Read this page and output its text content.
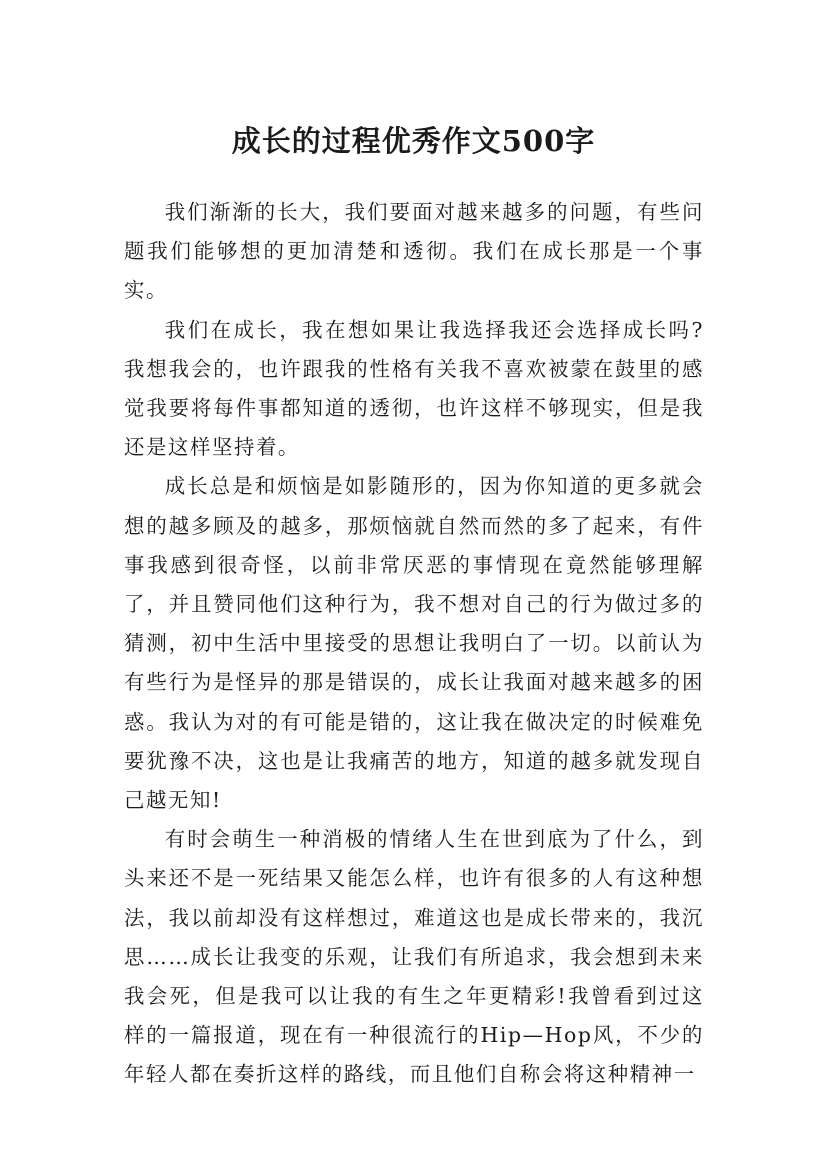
成长的过程优秀作文500字

我们渐渐的长大，我们要面对越来越多的问题，有些问题我们能够想的更加清楚和透彻。我们在成长那是一个事实。

我们在成长，我在想如果让我选择我还会选择成长吗?我想我会的，也许跟我的性格有关我不喜欢被蒙在鼓里的感觉我要将每件事都知道的透彻，也许这样不够现实，但是我还是这样坚持着。

成长总是和烦恼是如影随形的，因为你知道的更多就会想的越多顾及的越多，那烦恼就自然而然的多了起来，有件事我感到很奇怪，以前非常厌恶的事情现在竟然能够理解了，并且赞同他们这种行为，我不想对自己的行为做过多的猜测，初中生活中里接受的思想让我明白了一切。以前认为有些行为是怪异的那是错误的，成长让我面对越来越多的困惑。我认为对的有可能是错的，这让我在做决定的时候难免要犹豫不决，这也是让我痛苦的地方，知道的越多就发现自己越无知!

有时会萌生一种消极的情绪人生在世到底为了什么，到头来还不是一死结果又能怎么样，也许有很多的人有这种想法，我以前却没有这样想过，难道这也是成长带来的，我沉思……成长让我变的乐观，让我们有所追求，我会想到未来我会死，但是我可以让我的有生之年更精彩!我曾看到过这样的一篇报道，现在有一种很流行的Hip—Hop风，不少的年轻人都在奏折这样的路线，而且他们自称会将这种精神一
